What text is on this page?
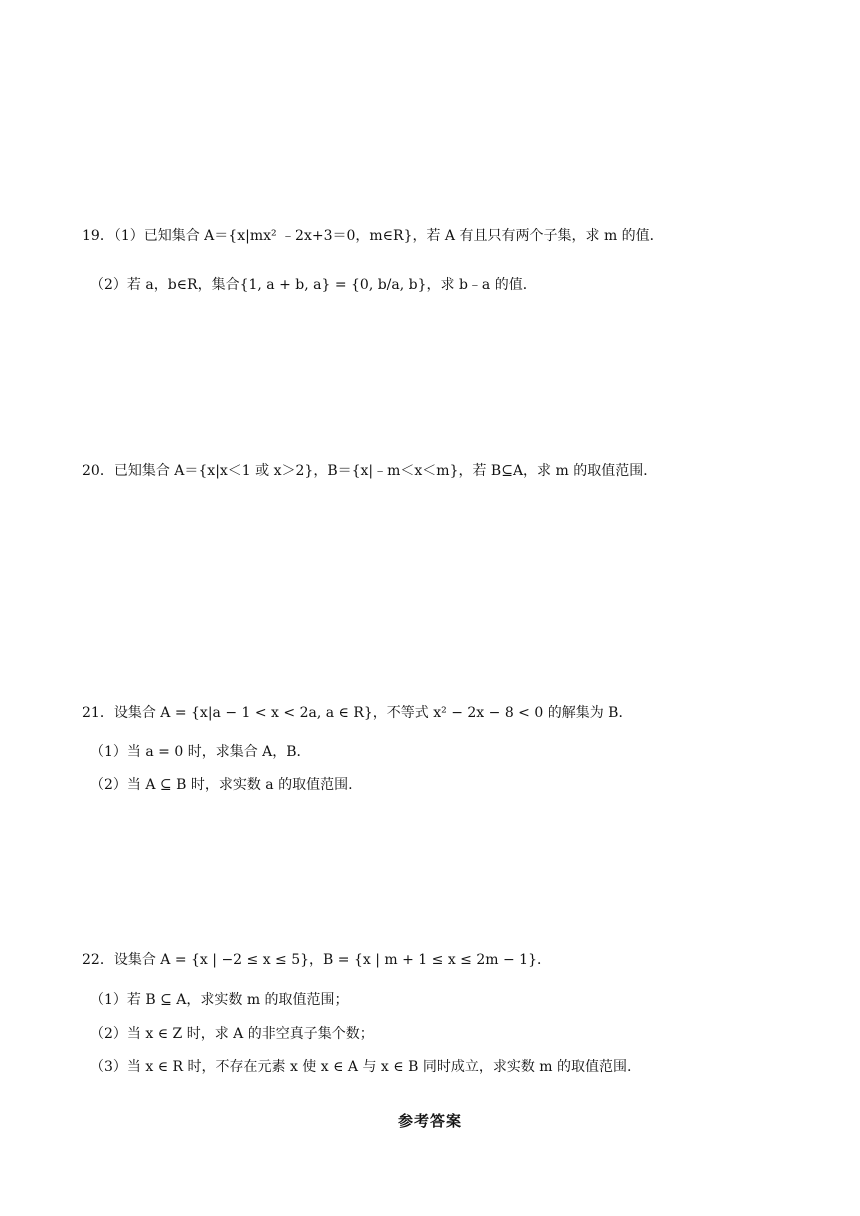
19．（1）已知集合 A＝{x|mx² ﹣2x+3＝0，m∈R}，若 A 有且只有两个子集，求 m 的值．
（2）若 a，b∈R，集合{1, a + b, a} = {0, b/a, b}，求 b﹣a 的值．
20．已知集合 A＝{x|x＜1 或 x＞2}，B＝{x|﹣m＜x＜m}，若 B⊆A，求 m 的取值范围．
21．设集合 A = {x|a − 1 < x < 2a, a ∈ R}，不等式 x² − 2x − 8 < 0 的解集为 B．
（1）当 a = 0 时，求集合 A，B．
（2）当 A ⊆ B 时，求实数 a 的取值范围.
22．设集合 A = {x | −2 ≤ x ≤ 5}，B = {x | m + 1 ≤ x ≤ 2m − 1}．
（1）若 B ⊆ A，求实数 m 的取值范围；
（2）当 x ∈ Z 时，求 A 的非空真子集个数；
（3）当 x ∈ R 时，不存在元素 x 使 x ∈ A 与 x ∈ B 同时成立，求实数 m 的取值范围.
参考答案
